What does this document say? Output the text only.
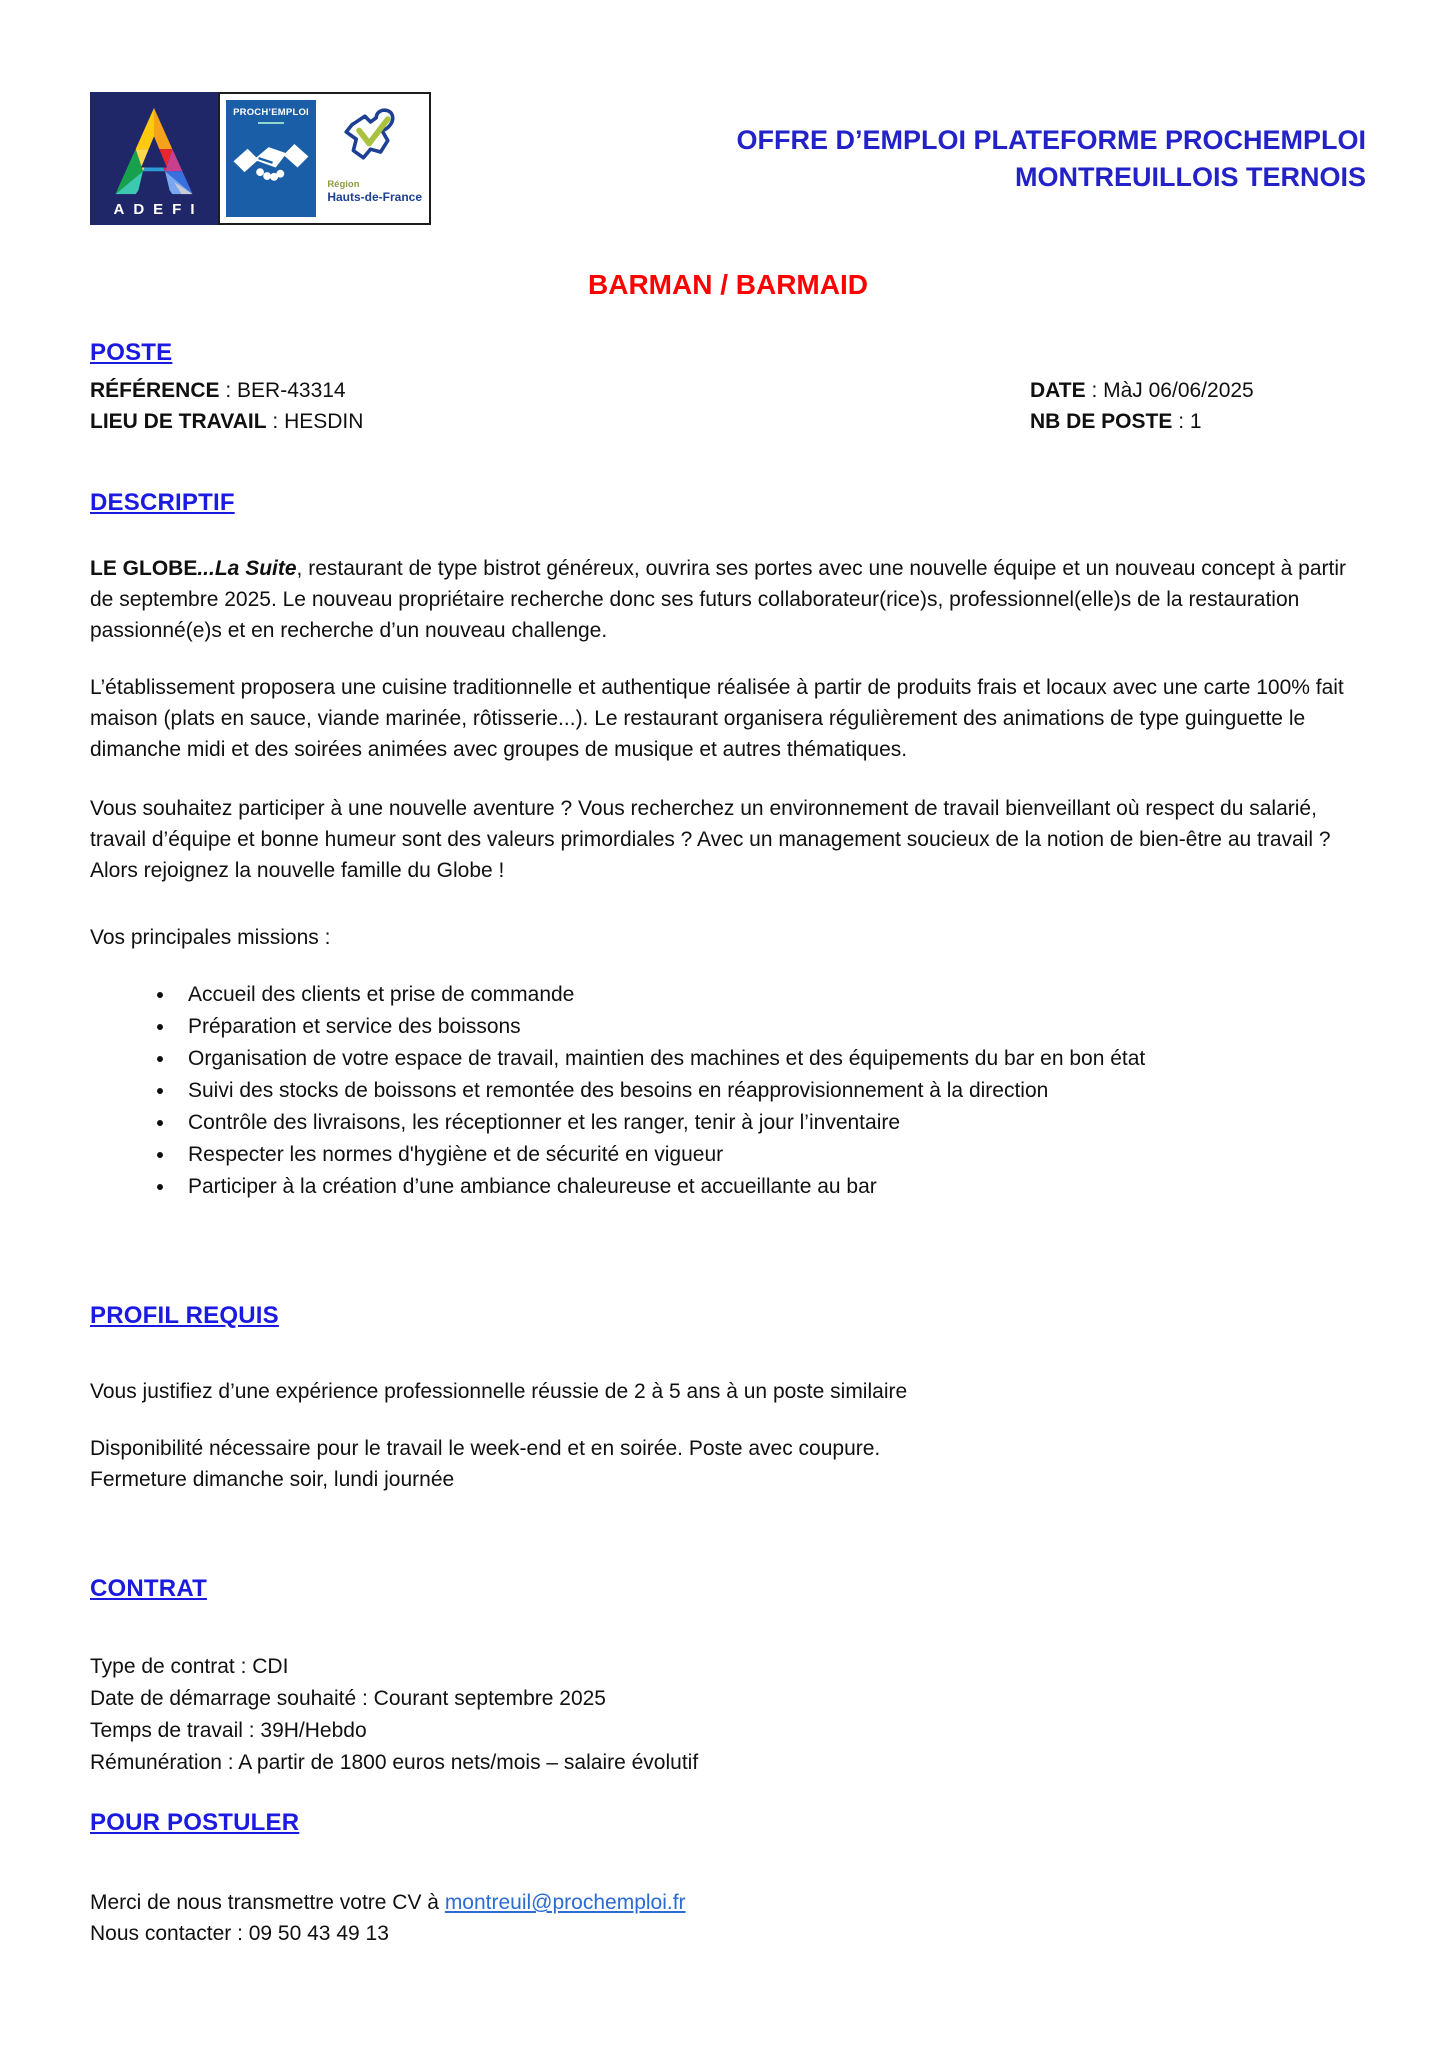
ADEFI
PROCH’EMPLOI
Région
Hauts-de-France
OFFRE D’EMPLOI PLATEFORME PROCHEMPLOI
MONTREUILLOIS TERNOIS
BARMAN / BARMAID
POSTE
RÉFÉRENCE : BER-43314
LIEU DE TRAVAIL : HESDIN
DATE : MàJ 06/06/2025
NB DE POSTE : 1
DESCRIPTIF

LE GLOBE...La Suite, restaurant de type bistrot généreux, ouvrira ses portes avec une nouvelle équipe et un nouveau concept à partir de septembre 2025. Le nouveau propriétaire recherche donc ses futurs collaborateur(rice)s, professionnel(elle)s de la restauration passionné(e)s et en recherche d’un nouveau challenge.

L’établissement proposera une cuisine traditionnelle et authentique réalisée à partir de produits frais et locaux avec une carte 100% fait maison (plats en sauce, viande marinée, rôtisserie...). Le restaurant organisera régulièrement des animations de type guinguette le dimanche midi et des soirées animées avec groupes de musique et autres thématiques.

Vous souhaitez participer à une nouvelle aventure ? Vous recherchez un environnement de travail bienveillant où respect du salarié, travail d’équipe et bonne humeur sont des valeurs primordiales ? Avec un management soucieux de la notion de bien-être au travail ? Alors rejoignez la nouvelle famille du Globe !

Vos principales missions :

• Accueil des clients et prise de commande
• Préparation et service des boissons
• Organisation de votre espace de travail, maintien des machines et des équipements du bar en bon état
• Suivi des stocks de boissons et remontée des besoins en réapprovisionnement à la direction
• Contrôle des livraisons, les réceptionner et les ranger, tenir à jour l’inventaire
• Respecter les normes d'hygiène et de sécurité en vigueur
• Participer à la création d’une ambiance chaleureuse et accueillante au bar
PROFIL REQUIS

Vous justifiez d’une expérience professionnelle réussie de 2 à 5 ans à un poste similaire

Disponibilité nécessaire pour le travail le week-end et en soirée. Poste avec coupure.

Fermeture dimanche soir, lundi journée

CONTRAT
Type de contrat : CDI
Date de démarrage souhaité : Courant septembre 2025
Temps de travail : 39H/Hebdo
Rémunération : A partir de 1800 euros nets/mois – salaire évolutif
POUR POSTULER

Merci de nous transmettre votre CV à montreuil@prochemploi.fr

Nous contacter : 09 50 43 49 13
